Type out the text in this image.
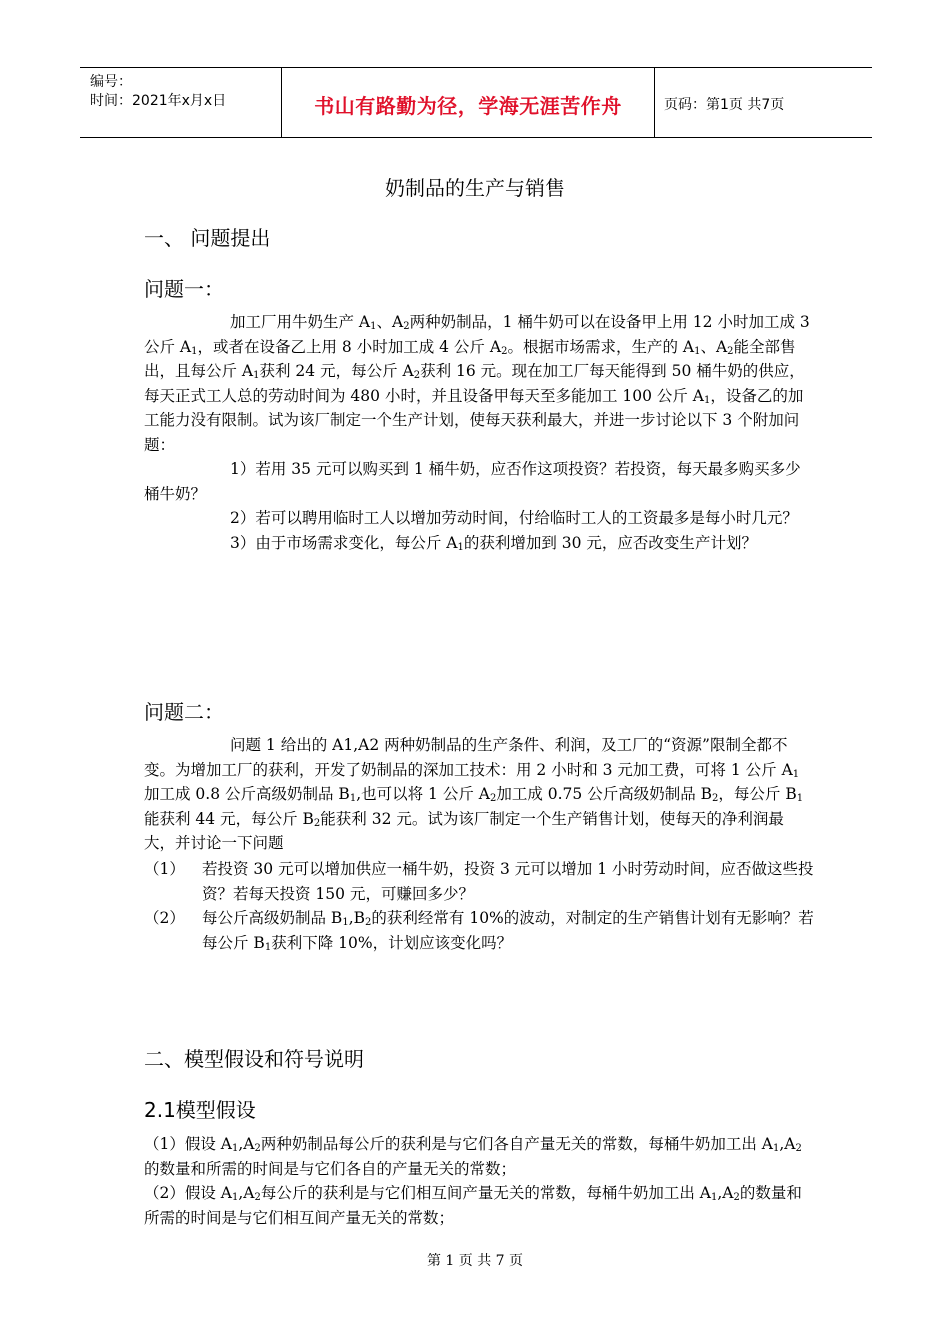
编号：
时间：2021年x月x日	书山有路勤为径，学海无涯苦作舟	页码：第1页 共7页
奶制品的生产与销售
一、 问题提出
问题一：
加工厂用牛奶生产 $A_1$、$A_2$两种奶制品，1 桶牛奶可以在设备甲上用 12 小时加工成 3 公斤 $A_1$，或者在设备乙上用 8 小时加工成 4 公斤 $A_2$。根据市场需求，生产的 $A_1$、$A_2$能全部售出，且每公斤 $A_1$获利 24 元，每公斤 $A_2$获利 16 元。现在加工厂每天能得到 50 桶牛奶的供应，每天正式工人总的劳动时间为 480 小时，并且设备甲每天至多能加工 100 公斤 $A_1$，设备乙的加工能力没有限制。试为该厂制定一个生产计划，使每天获利最大，并进一步讨论以下 3 个附加问题：
1）若用 35 元可以购买到 1 桶牛奶，应否作这项投资？若投资，每天最多购买多少桶牛奶？
2）若可以聘用临时工人以增加劳动时间，付给临时工人的工资最多是每小时几元？
3）由于市场需求变化，每公斤 $A_1$的获利增加到 30 元，应否改变生产计划？
问题二：
问题 1 给出的 A1,A2 两种奶制品的生产条件、利润，及工厂的“资源”限制全都不变。为增加工厂的获利，开发了奶制品的深加工技术：用 2 小时和 3 元加工费，可将 1 公斤 $A_1$加工成 0.8 公斤高级奶制品 $B_1$,也可以将 1 公斤 $A_2$加工成 0.75 公斤高级奶制品 $B_2$，每公斤 $B_1$能获利 44 元，每公斤 $B_2$能获利 32 元。试为该厂制定一个生产销售计划，使每天的净利润最大，并讨论一下问题
（1）	若投资 30 元可以增加供应一桶牛奶，投资 3 元可以增加 1 小时劳动时间，应否做这些投资？若每天投资 150 元，可赚回多少？
（2）	每公斤高级奶制品 $B_1,B_2$的获利经常有 10%的波动，对制定的生产销售计划有无影响？若每公斤 $B_1$获利下降 10%，计划应该变化吗？
二、模型假设和符号说明
2.1模型假设
（1）假设 $A_1,A_2$两种奶制品每公斤的获利是与它们各自产量无关的常数，每桶牛奶加工出 $A_1,A_2$的数量和所需的时间是与它们各自的产量无关的常数；
（2）假设 $A_1,A_2$每公斤的获利是与它们相互间产量无关的常数，每桶牛奶加工出 $A_1,A_2$的数量和所需的时间是与它们相互间产量无关的常数；
第 1 页 共 7 页
